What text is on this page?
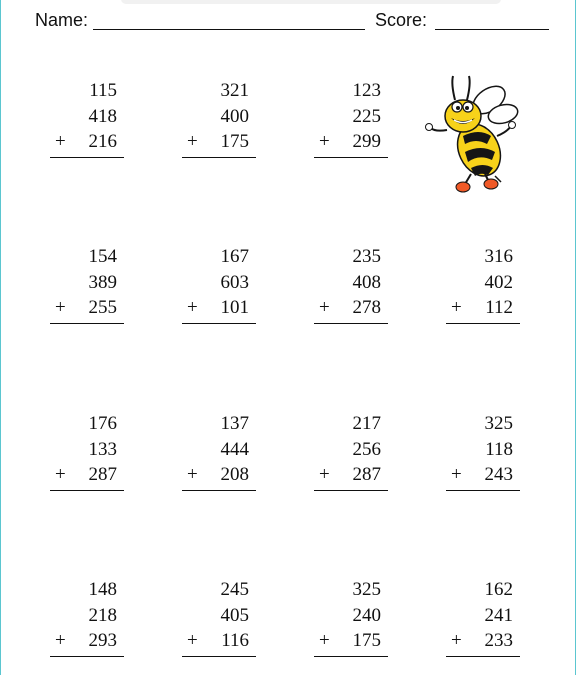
Name:	Score:
115
418
216
+
321
400
175
+
123
225
299
+
154
389
255
+
167
603
101
+
235
408
278
+
316
402
112
+
176
133
287
+
137
444
208
+
217
256
287
+
325
118
243
+
148
218
293
+
245
405
116
+
325
240
175
+
162
241
233
+
